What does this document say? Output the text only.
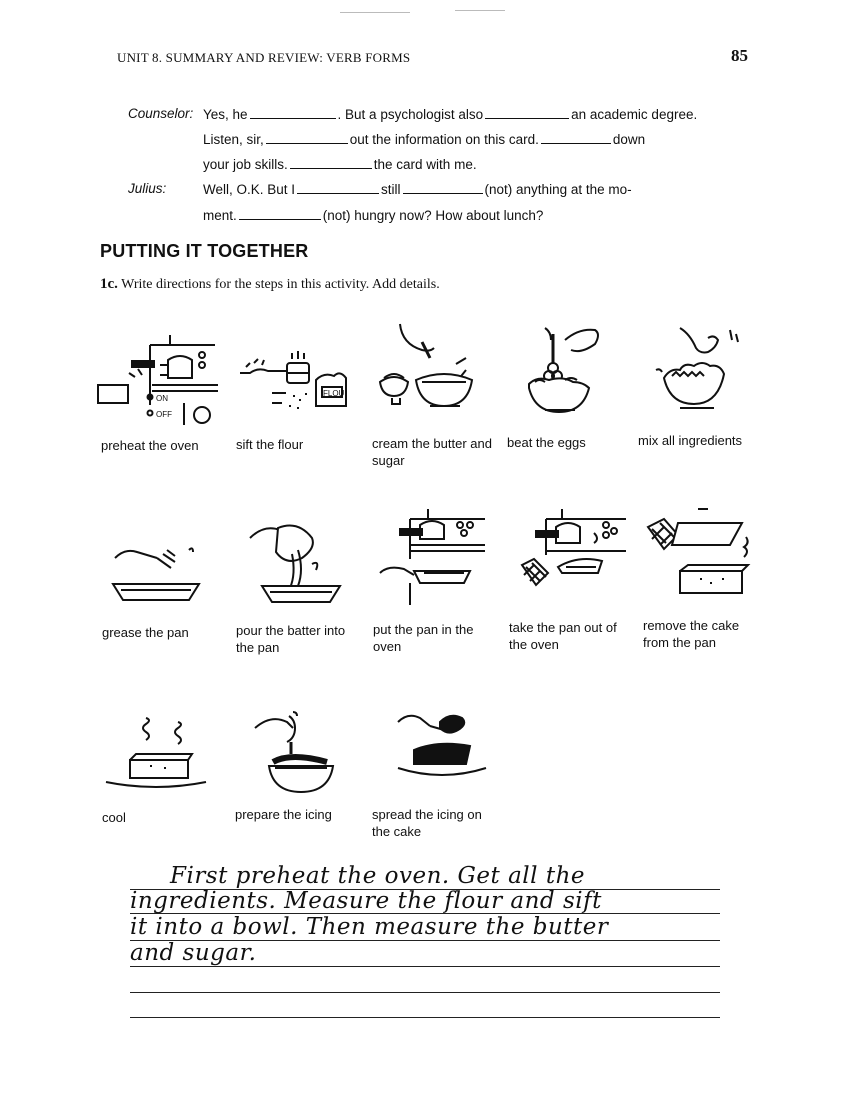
UNIT 8. SUMMARY AND REVIEW: VERB FORMS	85
Counselor: Yes, he	. But a psychologist also	an academic degree.
Listen, sir,	out the information on this card.	down
your job skills.	the card with me.
Julius:	Well, O.K. But I	still	(not) anything at the mo-
ment.	(not) hungry now? How about lunch?
PUTTING IT TOGETHER
1c. Write directions for the steps in this activity. Add details.
ON
OFF
FLOU
preheat the oven	sift the flour	cream the butter and sugar
beat the eggs	mix all ingredients
grease the pan	pour the batter into the pan
put the pan in the oven
take the pan out of the oven
remove the cake from the pan
cool	prepare the icing	spread the icing on the cake
First preheat the oven. Get all the
ingredients. Measure the flour and sift
it into a bowl. Then measure the butter
and sugar.
